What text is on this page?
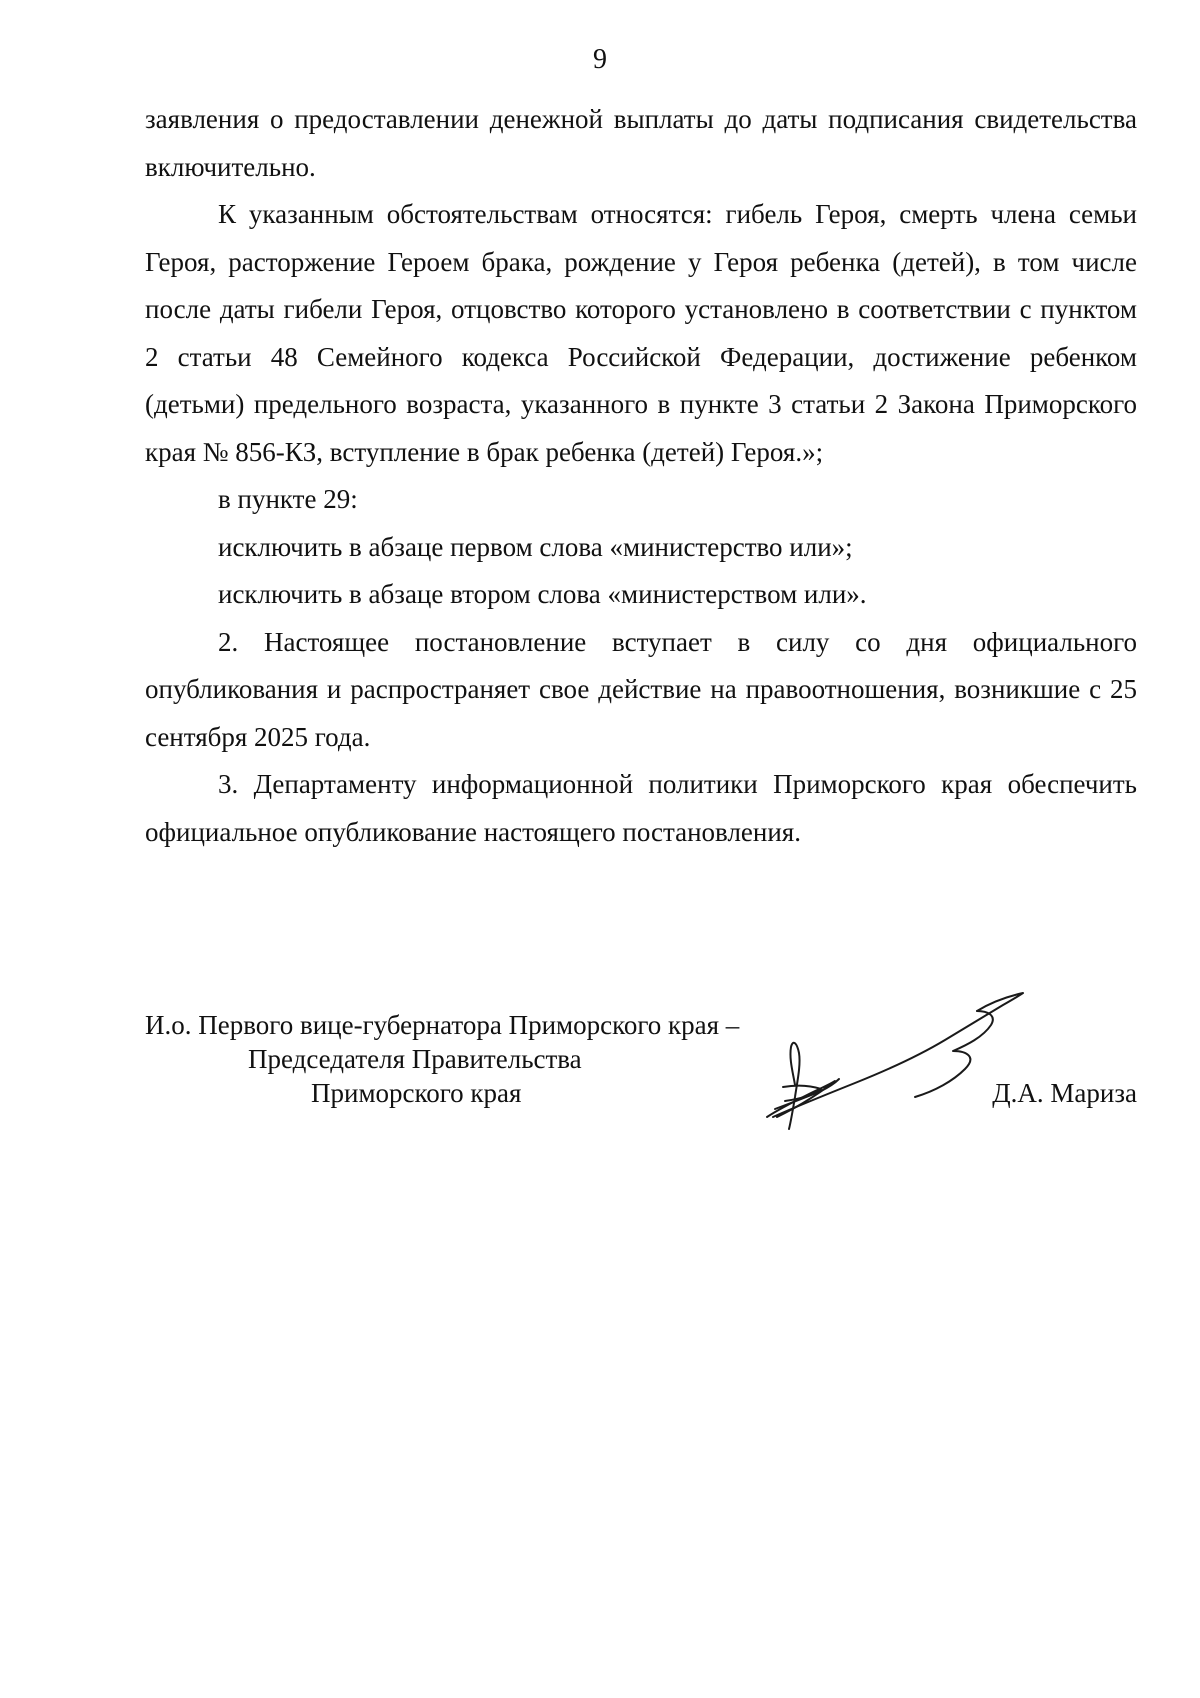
9

заявления о предоставлении денежной выплаты до даты подписания свидетельства включительно.

К указанным обстоятельствам относятся: гибель Героя, смерть члена семьи Героя, расторжение Героем брака, рождение у Героя ребенка (детей), в том числе после даты гибели Героя, отцовство которого установлено в соответствии с пунктом 2 статьи 48 Семейного кодекса Российской Федерации, достижение ребенком (детьми) предельного возраста, указанного в пункте 3 статьи 2 Закона Приморского края № 856-КЗ, вступление в брак ребенка (детей) Героя.»;

в пункте 29:

исключить в абзаце первом слова «министерство или»;

исключить в абзаце втором слова «министерством или».

2. Настоящее постановление вступает в силу со дня официального опубликования и распространяет свое действие на правоотношения, возникшие с 25 сентября 2025 года.

3. Департаменту информационной политики Приморского края обеспечить официальное опубликование настоящего постановления.

И.о. Первого вице-губернатора Приморского края –
Председателя Правительства
Приморского края	Д.А. Мариза
